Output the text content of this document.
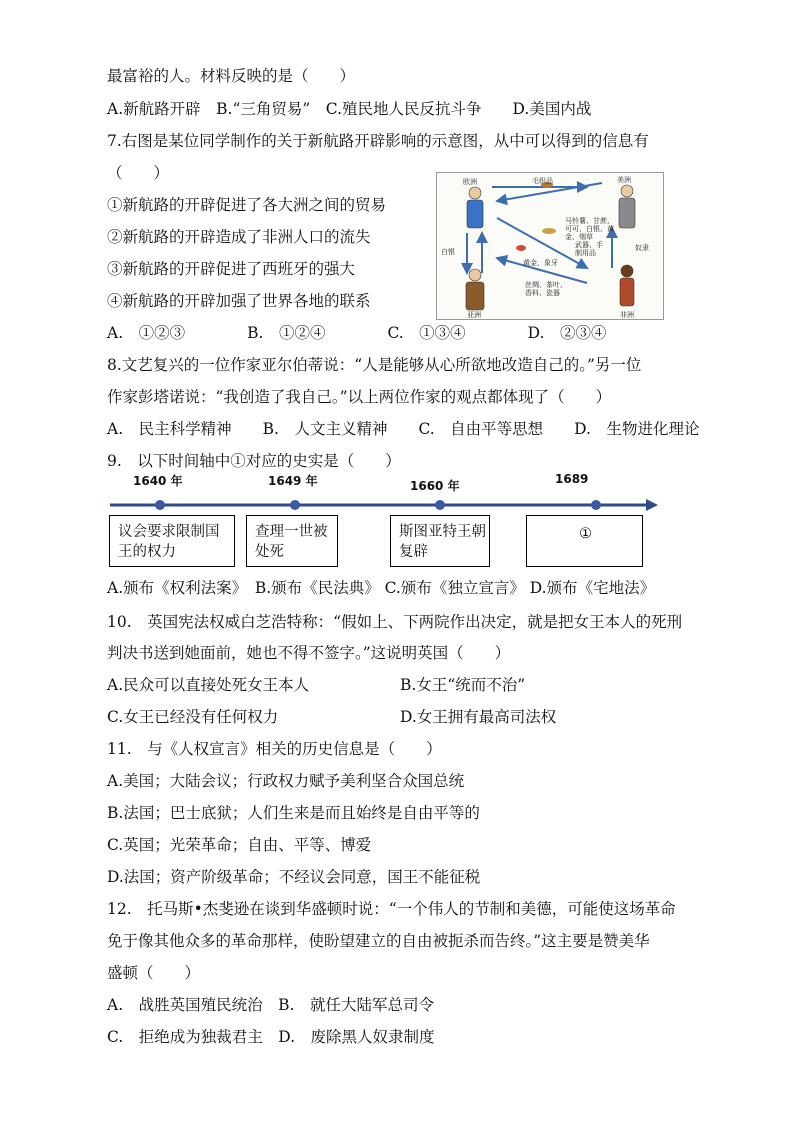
最富裕的人。材料反映的是（　　）
A.新航路开辟　B.“三角贸易”　C.殖民地人民反抗斗争　　D.美国内战
7.右图是某位同学制作的关于新航路开辟影响的示意图，从中可以得到的信息有
（　　）
①新航路的开辟促进了各大洲之间的贸易
②新航路的开辟造成了非洲人口的流失
③新航路的开辟促进了西班牙的强大
④新航路的开辟加强了世界各地的联系
A.　①②③　　　　B.　①②④　　　　C.　①③④　　　　D.　②③④
8.文艺复兴的一位作家亚尔伯蒂说：“人是能够从心所欲地改造自己的。”另一位
作家彭塔诺说：“我创造了我自己。”以上两位作家的观点都体现了（　　）
A.　民主科学精神　　B.　人文主义精神　　C.　自由平等思想　　D.　生物进化理论
9.　以下时间轴中①对应的史实是（　　）
欧洲	美洲
亚洲	非洲
毛织品
马铃薯、甘蔗、可可、白银、黄金、烟草
武器、手制用品
奴隶
白银
黄金、象牙
丝绸、茶叶、香料、瓷器
1640 年	1649 年	1660 年	1689
议会要求限制国王的权力
查理一世被处死
斯图亚特王朝复辟
①
A.颁布《权利法案》　B.颁布《民法典》 C.颁布《独立宣言》 D.颁布《宅地法》
10.　英国宪法权威白芝浩特称：“假如上、下两院作出决定，就是把女王本人的死刑
判决书送到她面前，她也不得不签字。”这说明英国（　　）
A.民众可以直接处死女王本人	B.女王“统而不治”
C.女王已经没有任何权力	D.女王拥有最高司法权
11.　与《人权宣言》相关的历史信息是（　　）
A.美国；大陆会议；行政权力赋予美利坚合众国总统
B.法国；巴士底狱；人们生来是而且始终是自由平等的
C.英国；光荣革命；自由、平等、博爱
D.法国；资产阶级革命；不经议会同意，国王不能征税
12.　托马斯•杰斐逊在谈到华盛顿时说：“一个伟人的节制和美德，可能使这场革命
免于像其他众多的革命那样，使盼望建立的自由被扼杀而告终。”这主要是赞美华
盛顿（　　）
A.　战胜英国殖民统治　B.　就任大陆军总司令
C.　拒绝成为独裁君主　D.　废除黑人奴隶制度
